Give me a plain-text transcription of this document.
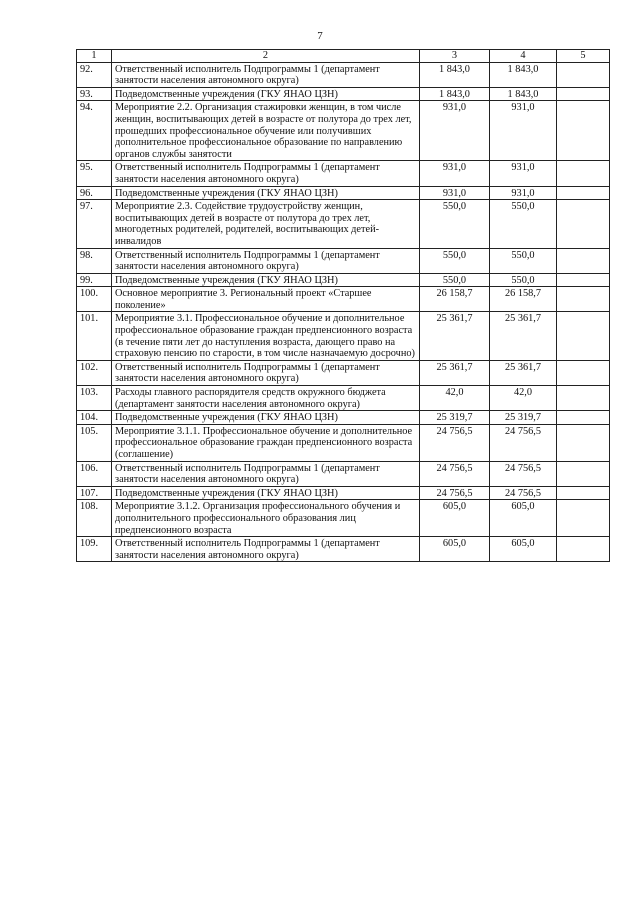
7
1	2	3	4	5
92.	Ответственный исполнитель Подпрограммы 1 (департамент занятости населения автономного округа)	1 843,0	1 843,0	
93.	Подведомственные учреждения (ГКУ ЯНАО ЦЗН)	1 843,0	1 843,0	
94.	Мероприятие 2.2. Организация стажировки женщин, в том числе женщин, воспитывающих детей в возрасте от полутора до трех лет, прошедших профессиональное обучение или получивших дополнительное профессиональное образование по направлению органов службы занятости	931,0	931,0	
95.	Ответственный исполнитель Подпрограммы 1 (департамент занятости населения автономного округа)	931,0	931,0	
96.	Подведомственные учреждения (ГКУ ЯНАО ЦЗН)	931,0	931,0	
97.	Мероприятие 2.3. Содействие трудоустройству женщин, воспитывающих детей в возрасте от полутора до трех лет, многодетных родителей, родителей, воспитывающих детей-инвалидов	550,0	550,0	
98.	Ответственный исполнитель Подпрограммы 1 (департамент занятости населения автономного округа)	550,0	550,0	
99.	Подведомственные учреждения (ГКУ ЯНАО ЦЗН)	550,0	550,0	
100.	Основное мероприятие 3. Региональный проект «Старшее поколение»	26 158,7	26 158,7	
101.	Мероприятие 3.1. Профессиональное обучение и дополнительное профессиональное образование граждан предпенсионного возраста (в течение пяти лет до наступления возраста, дающего право на страховую пенсию по старости, в том числе назначаемую досрочно)	25 361,7	25 361,7	
102.	Ответственный исполнитель Подпрограммы 1 (департамент занятости населения автономного округа)	25 361,7	25 361,7	
103.	Расходы главного распорядителя средств окружного бюджета (департамент занятости населения автономного округа)	42,0	42,0	
104.	Подведомственные учреждения (ГКУ ЯНАО ЦЗН)	25 319,7	25 319,7	
105.	Мероприятие 3.1.1. Профессиональное обучение и дополнительное профессиональное образование граждан предпенсионного возраста (соглашение)	24 756,5	24 756,5	
106.	Ответственный исполнитель Подпрограммы 1 (департамент занятости населения автономного округа)	24 756,5	24 756,5	
107.	Подведомственные учреждения (ГКУ ЯНАО ЦЗН)	24 756,5	24 756,5	
108.	Мероприятие 3.1.2. Организация профессионального обучения и дополнительного профессионального образования лиц предпенсионного возраста	605,0	605,0	
109.	Ответственный исполнитель Подпрограммы 1 (департамент занятости населения автономного округа)	605,0	605,0	
